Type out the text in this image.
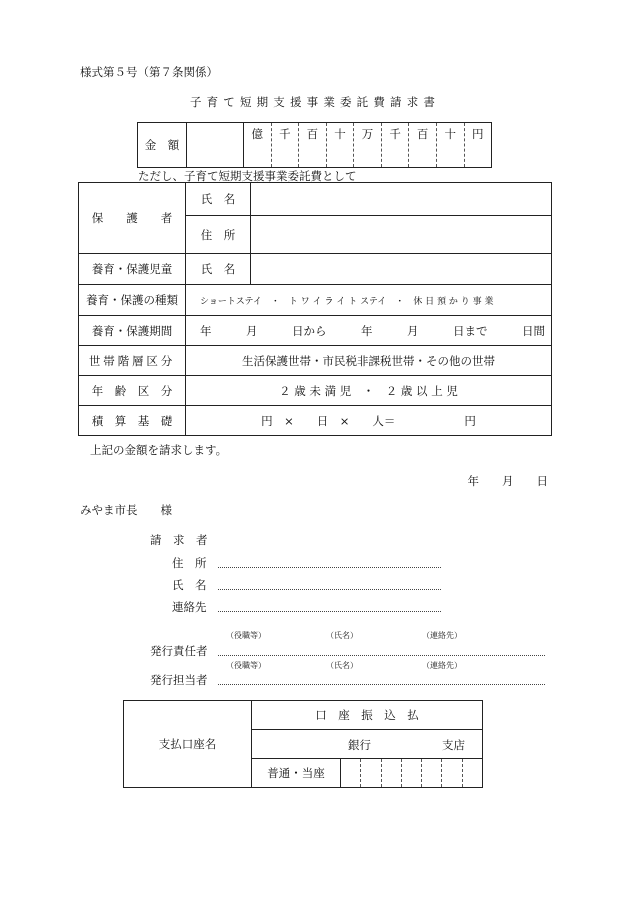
様式第５号（第７条関係）
子育て短期支援事業委託費請求書
金　額		
億	千	百	十	万	千	百	十	円
ただし、子育て短期支援事業委託費として
保　　護　　者	氏　名	
	住　所	
養育・保護児童	氏　名	
養育・保護の種類	ショートステイ　・　ト ワ イ ラ イ ト ステイ　・　休 日 預 か り 事 業	
養育・保護期間	年　　　月　　　日から　　　年　　　月　　　日まで　　　日間	
世帯階層区分	生活保護世帯・市民税非課税世帯・その他の世帯	
年　齢　区　分	２ 歳 未 満 児　・　２ 歳 以 上 児	
積　算　基　礎	円　×　　日　×　　人＝　　　　　　円	
上記の金額を請求します。
年　　月　　日
みやま市長　　様
請　求　者
住　所
氏　名
連絡先
（役職等）	（氏名）	（連絡先）
発行責任者
（役職等）	（氏名）	（連絡先）
発行担当者
支払口座名	口　座　振　込　払	

	銀行 支店	

	普通・当座	
